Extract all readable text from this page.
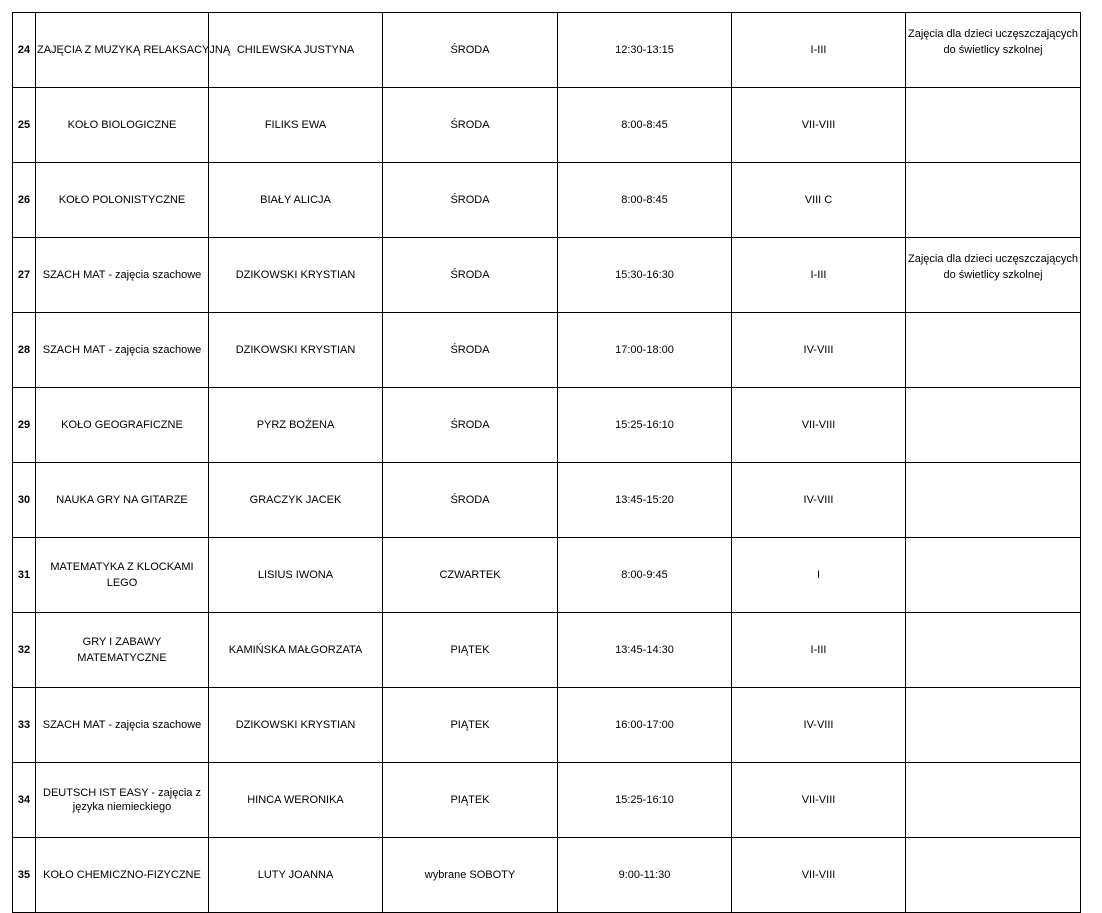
24	ZAJĘCIA Z MUZYKĄ RELAKSACYJNĄ	CHILEWSKA JUSTYNA	ŚRODA	12:30-13:15	I-III	Zajęcia dla dzieci uczęszczających do świetlicy szkolnej
25	KOŁO BIOLOGICZNE	FILIKS EWA	ŚRODA	8:00-8:45	VII-VIII	
26	KOŁO POLONISTYCZNE	BIAŁY ALICJA	ŚRODA	8:00-8:45	VIII C	
27	SZACH MAT - zajęcia szachowe	DZIKOWSKI KRYSTIAN	ŚRODA	15:30-16:30	I-III	Zajęcia dla dzieci uczęszczających do świetlicy szkolnej
28	SZACH MAT - zajęcia szachowe	DZIKOWSKI KRYSTIAN	ŚRODA	17:00-18:00	IV-VIII	
29	KOŁO GEOGRAFICZNE	PYRZ BOŻENA	ŚRODA	15:25-16:10	VII-VIII	
30	NAUKA GRY NA GITARZE	GRACZYK JACEK	ŚRODA	13:45-15:20	IV-VIII	
31	MATEMATYKA Z KLOCKAMI LEGO	LISIUS IWONA	CZWARTEK	8:00-9:45	I	
32	GRY I ZABAWY MATEMATYCZNE	KAMIŃSKA MAŁGORZATA	PIĄTEK	13:45-14:30	I-III	
33	SZACH MAT - zajęcia szachowe	DZIKOWSKI KRYSTIAN	PIĄTEK	16:00-17:00	IV-VIII	
34	DEUTSCH IST EASY - zajęcia z języka niemieckiego	HINCA WERONIKA	PIĄTEK	15:25-16:10	VII-VIII	
35	KOŁO CHEMICZNO-FIZYCZNE	LUTY JOANNA	wybrane SOBOTY	9:00-11:30	VII-VIII	
